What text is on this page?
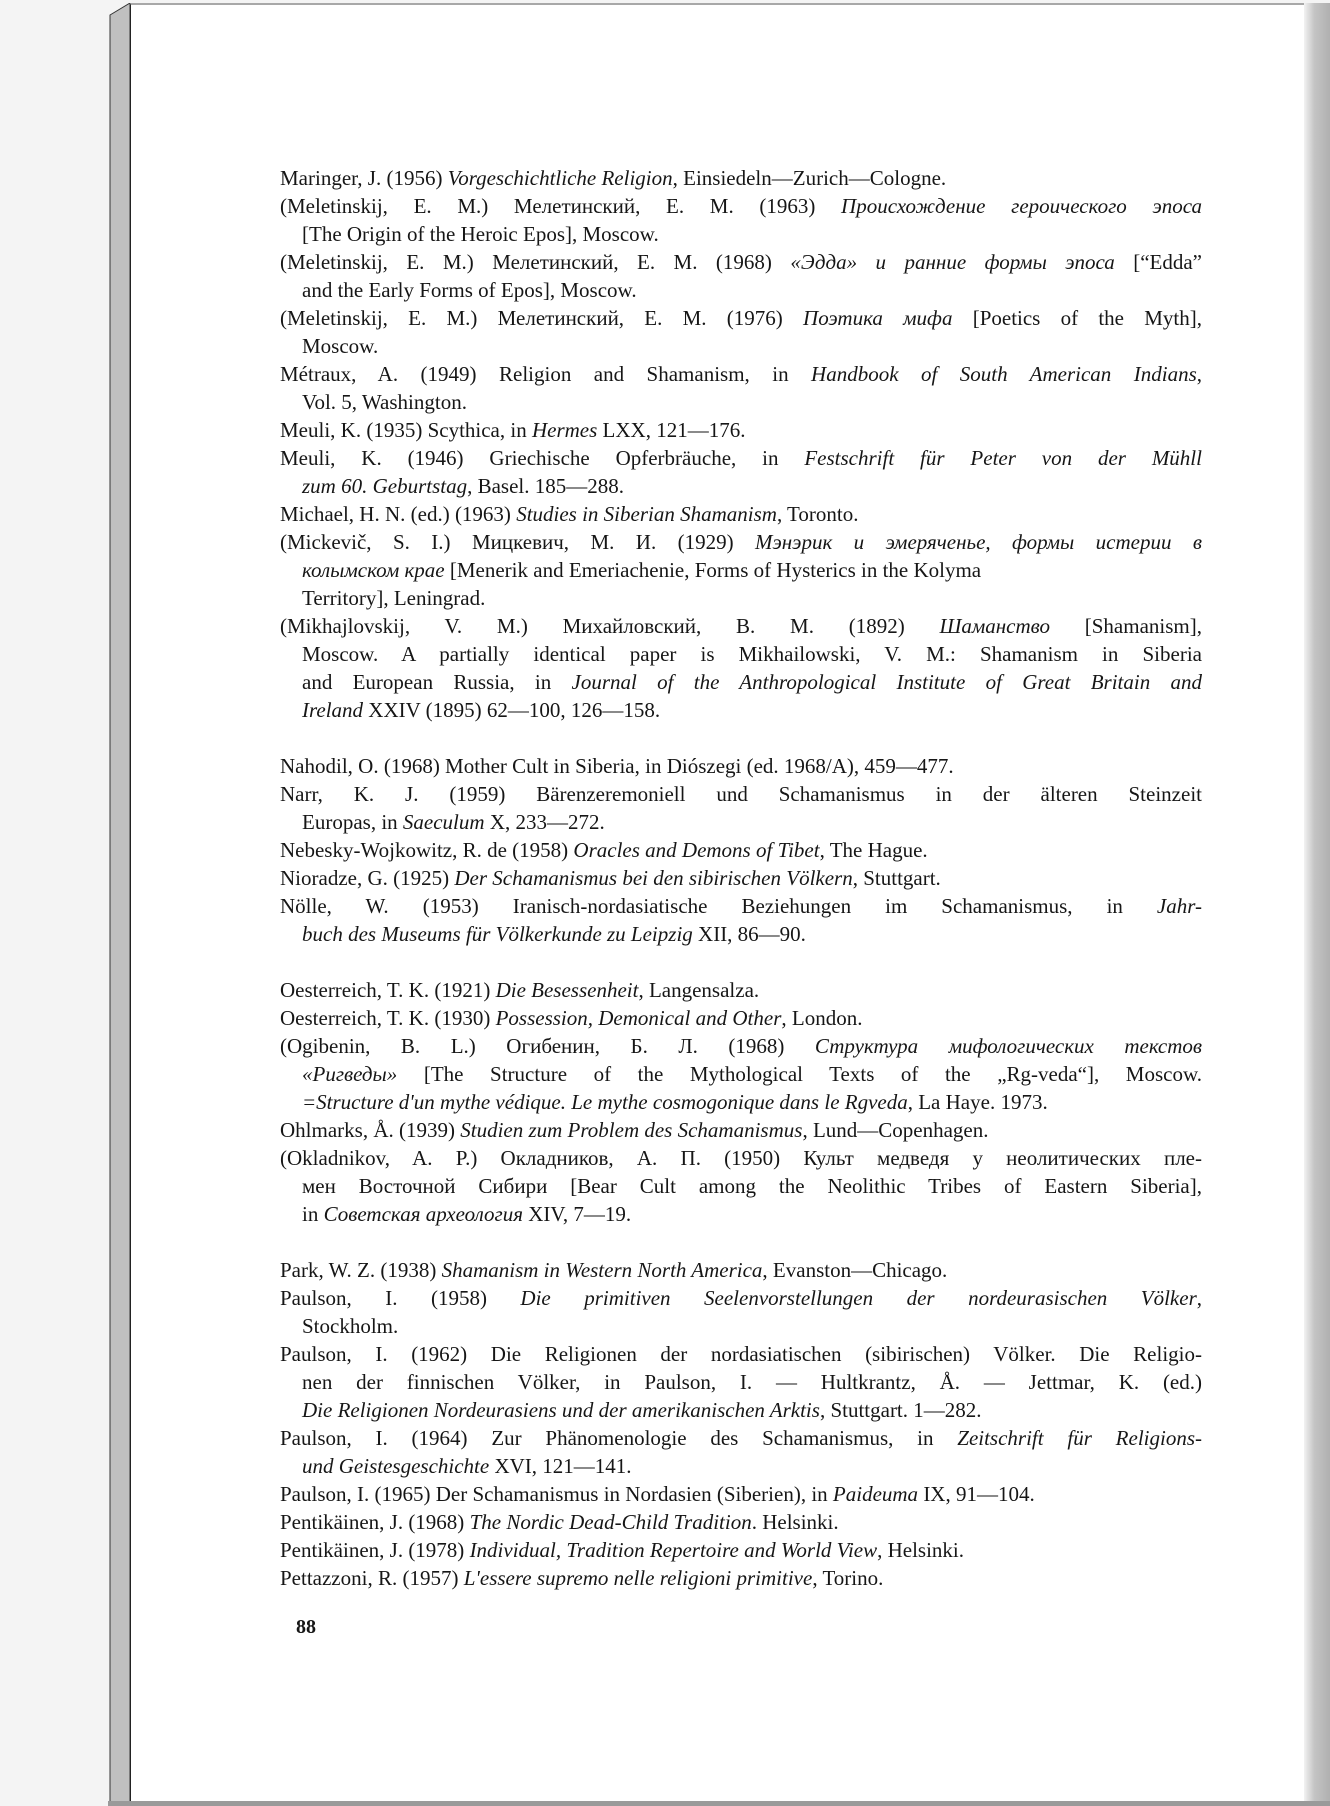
Maringer, J. (1956) Vorgeschichtliche Religion, Einsiedeln—Zurich—Cologne.
(Meletinskij, E. M.) Мелетинский, Е. М. (1963) Происхождение героического эпоса
[The Origin of the Heroic Epos], Moscow.
(Meletinskij, E. M.) Мелетинский, Е. М. (1968) «Эдда» и ранние формы эпоса [“Edda”
and the Early Forms of Epos], Moscow.
(Meletinskij, E. M.) Мелетинский, Е. М. (1976) Поэтика мифа [Poetics of the Myth],
Moscow.
Métraux, A. (1949) Religion and Shamanism, in Handbook of South American Indians,
Vol. 5, Washington.
Meuli, K. (1935) Scythica, in Hermes LXX, 121—176.
Meuli, K. (1946) Griechische Opferbräuche, in Festschrift für Peter von der Mühll
zum 60. Geburtstag, Basel. 185—288.
Michael, H. N. (ed.) (1963) Studies in Siberian Shamanism, Toronto.
(Mickevič, S. I.) Мицкевич, М. И. (1929) Мэнэрик и эмеряченье, формы истерии в
колымском крае [Menerik and Emeriachenie, Forms of Hysterics in the Kolyma
Territory], Leningrad.
(Mikhajlovskij, V. M.) Михайловский, В. М. (1892) Шаманство [Shamanism],
Moscow. A partially identical paper is Mikhailowski, V. M.: Shamanism in Siberia
and European Russia, in Journal of the Anthropological Institute of Great Britain and
Ireland XXIV (1895) 62—100, 126—158.
Nahodil, O. (1968) Mother Cult in Siberia, in Diószegi (ed. 1968/A), 459—477.
Narr, K. J. (1959) Bärenzeremoniell und Schamanismus in der älteren Steinzeit
Europas, in Saeculum X, 233—272.
Nebesky-Wojkowitz, R. de (1958) Oracles and Demons of Tibet, The Hague.
Nioradze, G. (1925) Der Schamanismus bei den sibirischen Völkern, Stuttgart.
Nölle, W. (1953) Iranisch-nordasiatische Beziehungen im Schamanismus, in Jahr-
buch des Museums für Völkerkunde zu Leipzig XII, 86—90.
Oesterreich, T. K. (1921) Die Besessenheit, Langensalza.
Oesterreich, T. K. (1930) Possession, Demonical and Other, London.
(Ogibenin, B. L.) Огибенин, Б. Л. (1968) Структура мифологических текстов
«Ригведы» [The Structure of the Mythological Texts of the „Rg-veda“], Moscow.
=Structure d'un mythe védique. Le mythe cosmogonique dans le Rgveda, La Haye. 1973.
Ohlmarks, Å. (1939) Studien zum Problem des Schamanismus, Lund—Copenhagen.
(Okladnikov, A. P.) Окладников, А. П. (1950) Культ медведя у неолитических пле-
мен Восточной Сибири [Bear Cult among the Neolithic Tribes of Eastern Siberia],
in Советская археология XIV, 7—19.
Park, W. Z. (1938) Shamanism in Western North America, Evanston—Chicago.
Paulson, I. (1958) Die primitiven Seelenvorstellungen der nordeurasischen Völker,
Stockholm.
Paulson, I. (1962) Die Religionen der nordasiatischen (sibirischen) Völker. Die Religio-
nen der finnischen Völker, in Paulson, I. — Hultkrantz, Å. — Jettmar, K. (ed.)
Die Religionen Nordeurasiens und der amerikanischen Arktis, Stuttgart. 1—282.
Paulson, I. (1964) Zur Phänomenologie des Schamanismus, in Zeitschrift für Religions-
und Geistesgeschichte XVI, 121—141.
Paulson, I. (1965) Der Schamanismus in Nordasien (Siberien), in Paideuma IX, 91—104.
Pentikäinen, J. (1968) The Nordic Dead-Child Tradition. Helsinki.
Pentikäinen, J. (1978) Individual, Tradition Repertoire and World View, Helsinki.
Pettazzoni, R. (1957) L'essere supremo nelle religioni primitive, Torino.
88
